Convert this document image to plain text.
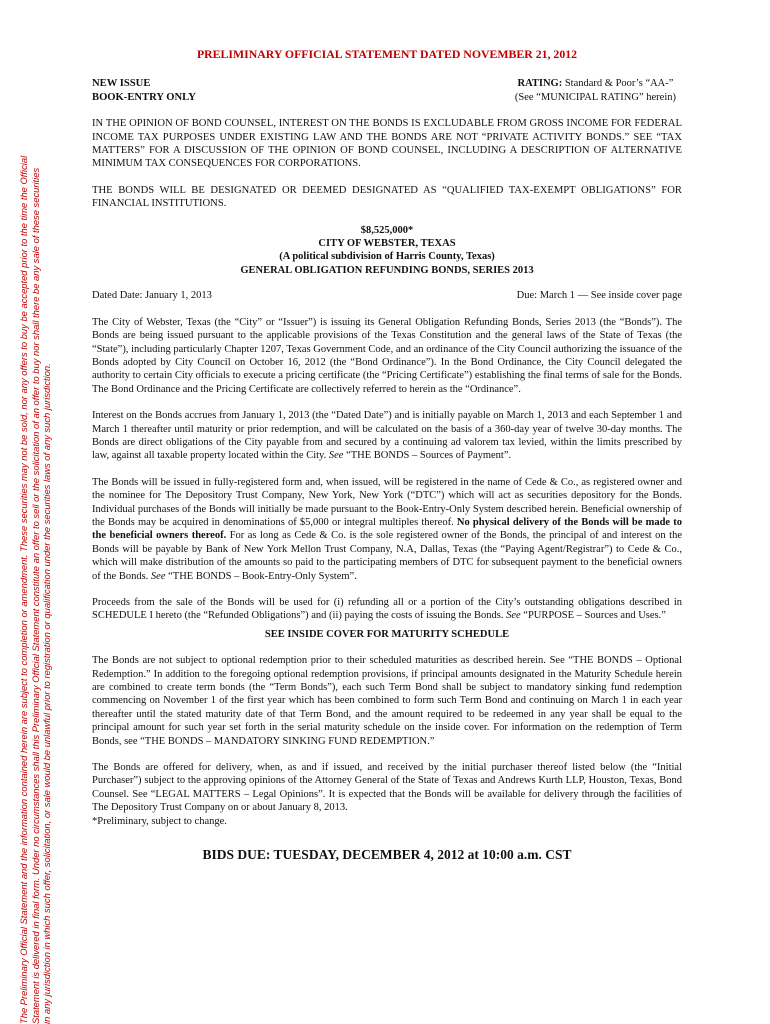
The Preliminary Official Statement and the information contained herein are subject to completion or amendment. These securities may not be sold, nor any offers to buy be accepted prior to the time the Official Statement is delivered in final form. Under no circumstances shall this Preliminary Official Statement constitute an offer to sell or the solicitation of an offer to buy nor shall there be any sale of these securities in any jurisdiction in which such offer, solicitation, or sale would be unlawful prior to registration or qualification under the securities laws of any such jurisdiction.
PRELIMINARY OFFICIAL STATEMENT DATED NOVEMBER 21, 2012
NEW ISSUE
BOOK-ENTRY ONLY
RATING: Standard & Poor’s “AA-”
(See “MUNICIPAL RATING” herein)

IN THE OPINION OF BOND COUNSEL, INTEREST ON THE BONDS IS EXCLUDABLE FROM GROSS INCOME FOR FEDERAL INCOME TAX PURPOSES UNDER EXISTING LAW AND THE BONDS ARE NOT “PRIVATE ACTIVITY BONDS.” SEE “TAX MATTERS” FOR A DISCUSSION OF THE OPINION OF BOND COUNSEL, INCLUDING A DESCRIPTION OF ALTERNATIVE MINIMUM TAX CONSEQUENCES FOR CORPORATIONS.

THE BONDS WILL BE DESIGNATED OR DEEMED DESIGNATED AS “QUALIFIED TAX-EXEMPT OBLIGATIONS” FOR FINANCIAL INSTITUTIONS.

$8,525,000*
CITY OF WEBSTER, TEXAS
(A political subdivision of Harris County, Texas)
GENERAL OBLIGATION REFUNDING BONDS, SERIES 2013
Dated Date: January 1, 2013	Due: March 1 — See inside cover page

The City of Webster, Texas (the “City” or “Issuer”) is issuing its General Obligation Refunding Bonds, Series 2013 (the “Bonds”). The Bonds are being issued pursuant to the applicable provisions of the Texas Constitution and the general laws of the State of Texas (the “State”), including particularly Chapter 1207, Texas Government Code, and an ordinance of the City Council authorizing the issuance of the Bonds adopted by City Council on October 16, 2012 (the “Bond Ordinance”). In the Bond Ordinance, the City Council delegated the authority to certain City officials to execute a pricing certificate (the “Pricing Certificate”) establishing the final terms of sale for the Bonds. The Bond Ordinance and the Pricing Certificate are collectively referred to herein as the “Ordinance”.

Interest on the Bonds accrues from January 1, 2013 (the “Dated Date”) and is initially payable on March 1, 2013 and each September 1 and March 1 thereafter until maturity or prior redemption, and will be calculated on the basis of a 360-day year of twelve 30-day months. The Bonds are direct obligations of the City payable from and secured by a continuing ad valorem tax levied, within the limits prescribed by law, against all taxable property located within the City. See “THE BONDS – Sources of Payment”.

The Bonds will be issued in fully-registered form and, when issued, will be registered in the name of Cede & Co., as registered owner and the nominee for The Depository Trust Company, New York, New York (“DTC”) which will act as securities depository for the Bonds. Individual purchases of the Bonds will initially be made pursuant to the Book-Entry-Only System described herein. Beneficial ownership of the Bonds may be acquired in denominations of $5,000 or integral multiples thereof. No physical delivery of the Bonds will be made to the beneficial owners thereof. For as long as Cede & Co. is the sole registered owner of the Bonds, the principal of and interest on the Bonds will be payable by Bank of New York Mellon Trust Company, N.A, Dallas, Texas (the “Paying Agent/Registrar”) to Cede & Co., which will make distribution of the amounts so paid to the participating members of DTC for subsequent payment to the beneficial owners of the Bonds. See “THE BONDS – Book-Entry-Only System”.

Proceeds from the sale of the Bonds will be used for (i) refunding all or a portion of the City’s outstanding obligations described in SCHEDULE I hereto (the “Refunded Obligations”) and (ii) paying the costs of issuing the Bonds. See “PURPOSE – Sources and Uses.”

SEE INSIDE COVER FOR MATURITY SCHEDULE

The Bonds are not subject to optional redemption prior to their scheduled maturities as described herein. See “THE BONDS – Optional Redemption.” In addition to the foregoing optional redemption provisions, if principal amounts designated in the Maturity Schedule herein are combined to create term bonds (the “Term Bonds”), each such Term Bond shall be subject to mandatory sinking fund redemption commencing on November 1 of the first year which has been combined to form such Term Bond and continuing on March 1 in each year thereafter until the stated maturity date of that Term Bond, and the amount required to be redeemed in any year shall be equal to the principal amount for such year set forth in the serial maturity schedule on the inside cover. For information on the redemption of Term Bonds, see “THE BONDS – MANDATORY SINKING FUND REDEMPTION.”

The Bonds are offered for delivery, when, as and if issued, and received by the initial purchaser thereof listed below (the “Initial Purchaser”) subject to the approving opinions of the Attorney General of the State of Texas and Andrews Kurth LLP, Houston, Texas, Bond Counsel. See “LEGAL MATTERS – Legal Opinions”. It is expected that the Bonds will be available for delivery through the facilities of The Depository Trust Company on or about January 8, 2013.

*Preliminary, subject to change.
BIDS DUE: TUESDAY, DECEMBER 4, 2012 at 10:00 a.m. CST
